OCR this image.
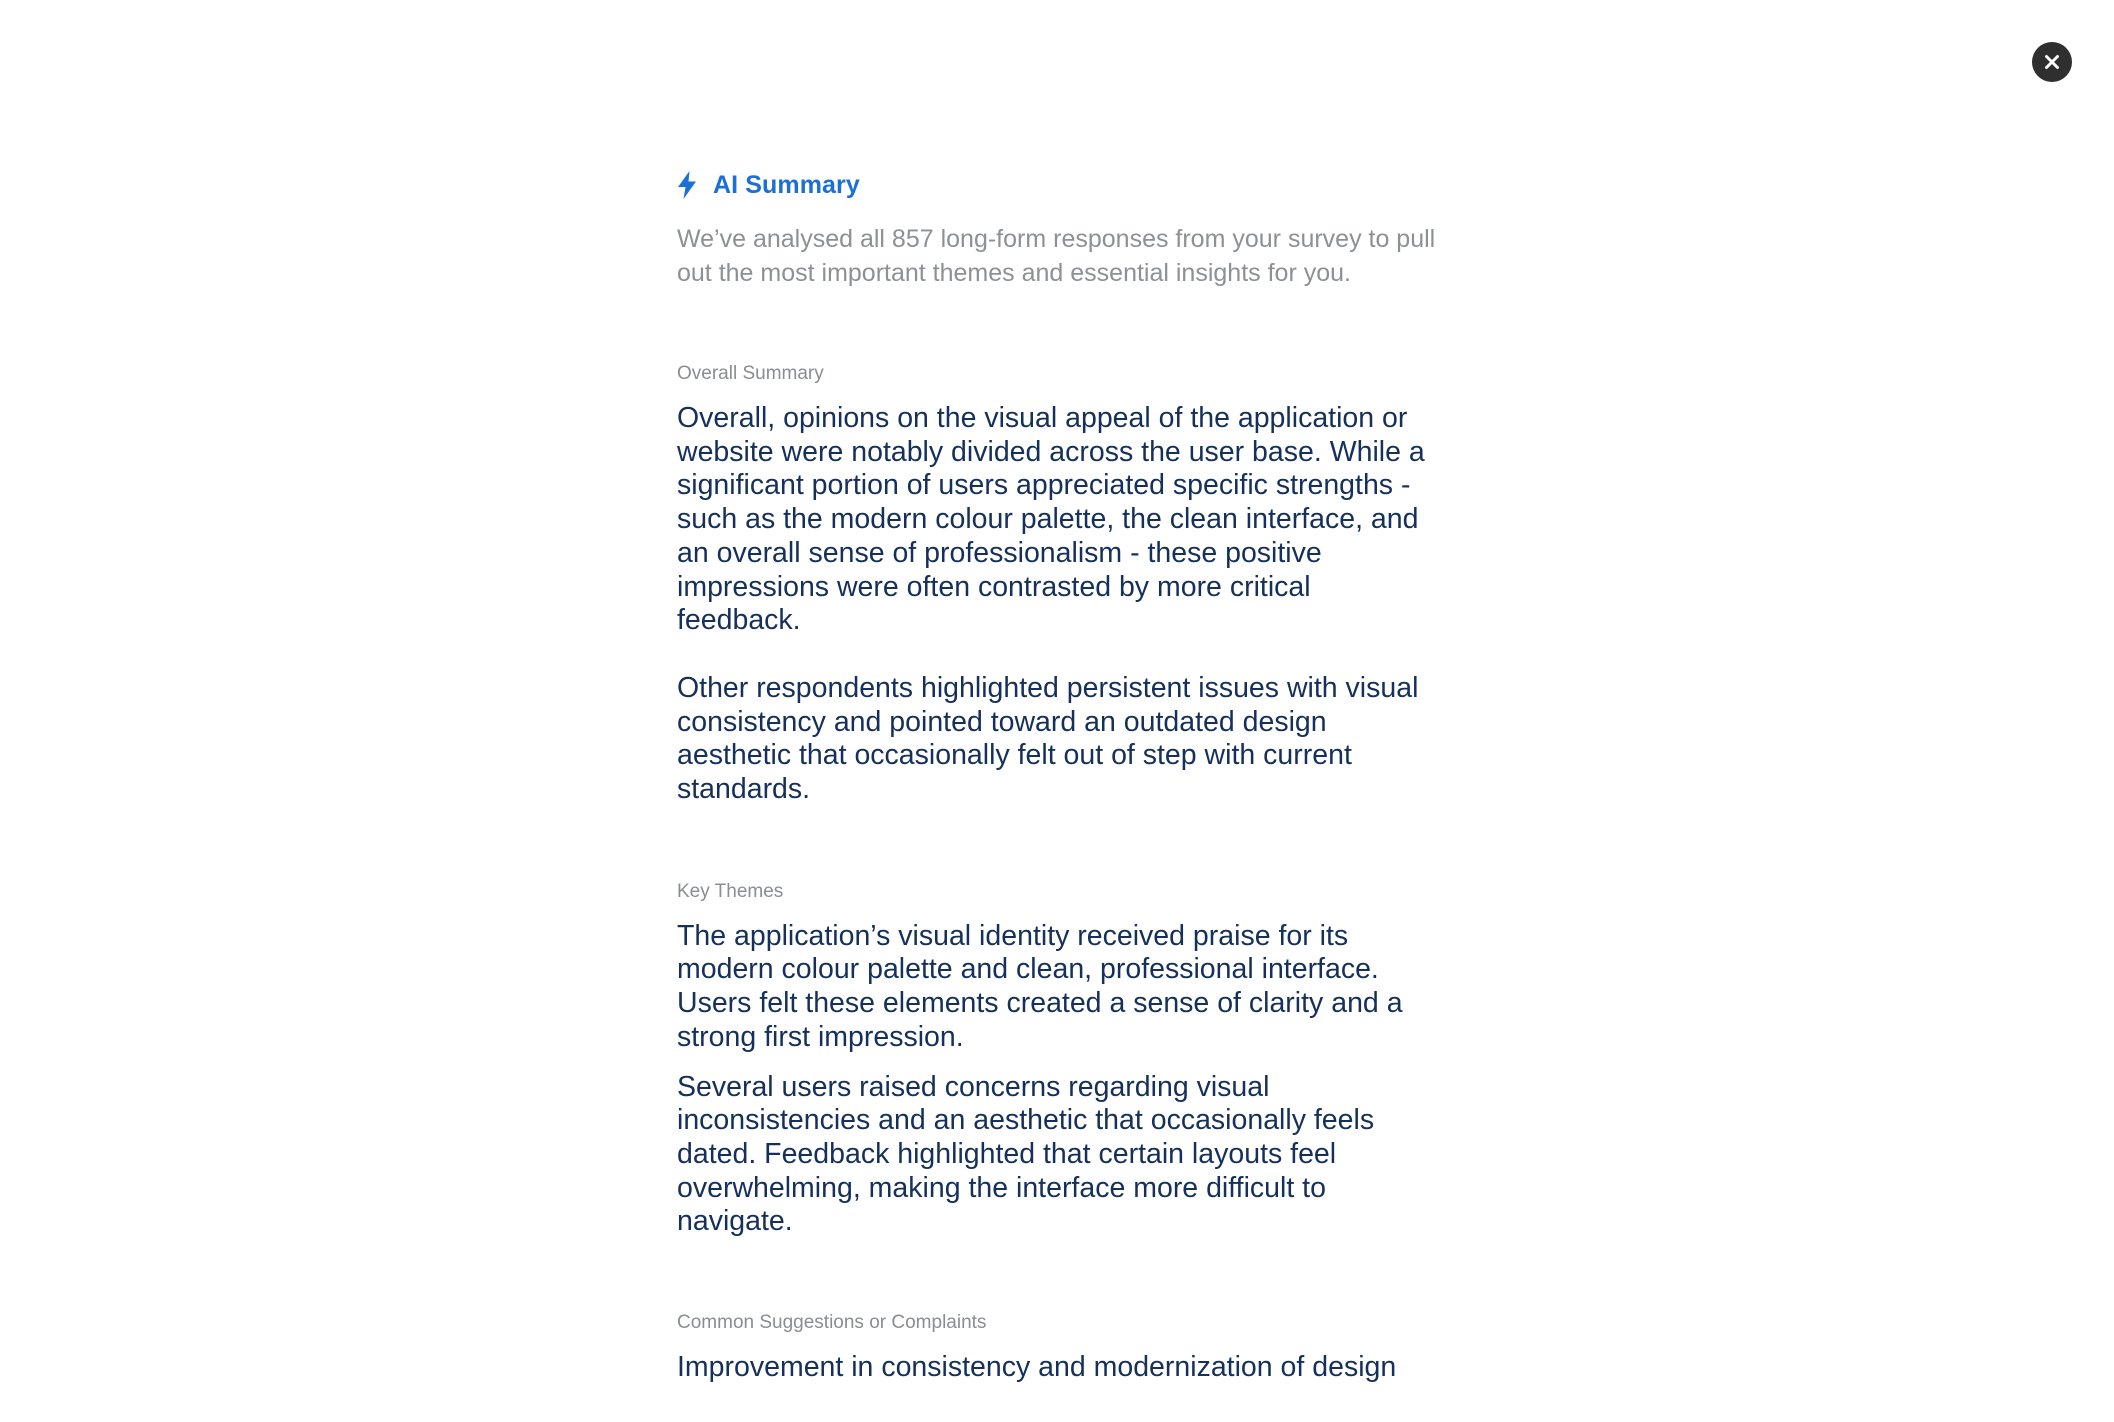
AI Summary
We’ve analysed all 857 long-form responses from your survey to pull out the most important themes and essential insights for you.
Overall Summary

Overall, opinions on the visual appeal of the application or website were notably divided across the user base. While a significant portion of users appreciated specific strengths - such as the modern colour palette, the clean interface, and an overall sense of professionalism - these positive impressions were often contrasted by more critical feedback.

Other respondents highlighted persistent issues with visual consistency and pointed toward an outdated design aesthetic that occasionally felt out of step with current standards.

Key Themes

The application’s visual identity received praise for its modern colour palette and clean, professional interface. Users felt these elements created a sense of clarity and a strong first impression.

Several users raised concerns regarding visual inconsistencies and an aesthetic that occasionally feels dated. Feedback highlighted that certain layouts feel overwhelming, making the interface more difficult to navigate.

Common Suggestions or Complaints

Improvement in consistency and modernization of design
